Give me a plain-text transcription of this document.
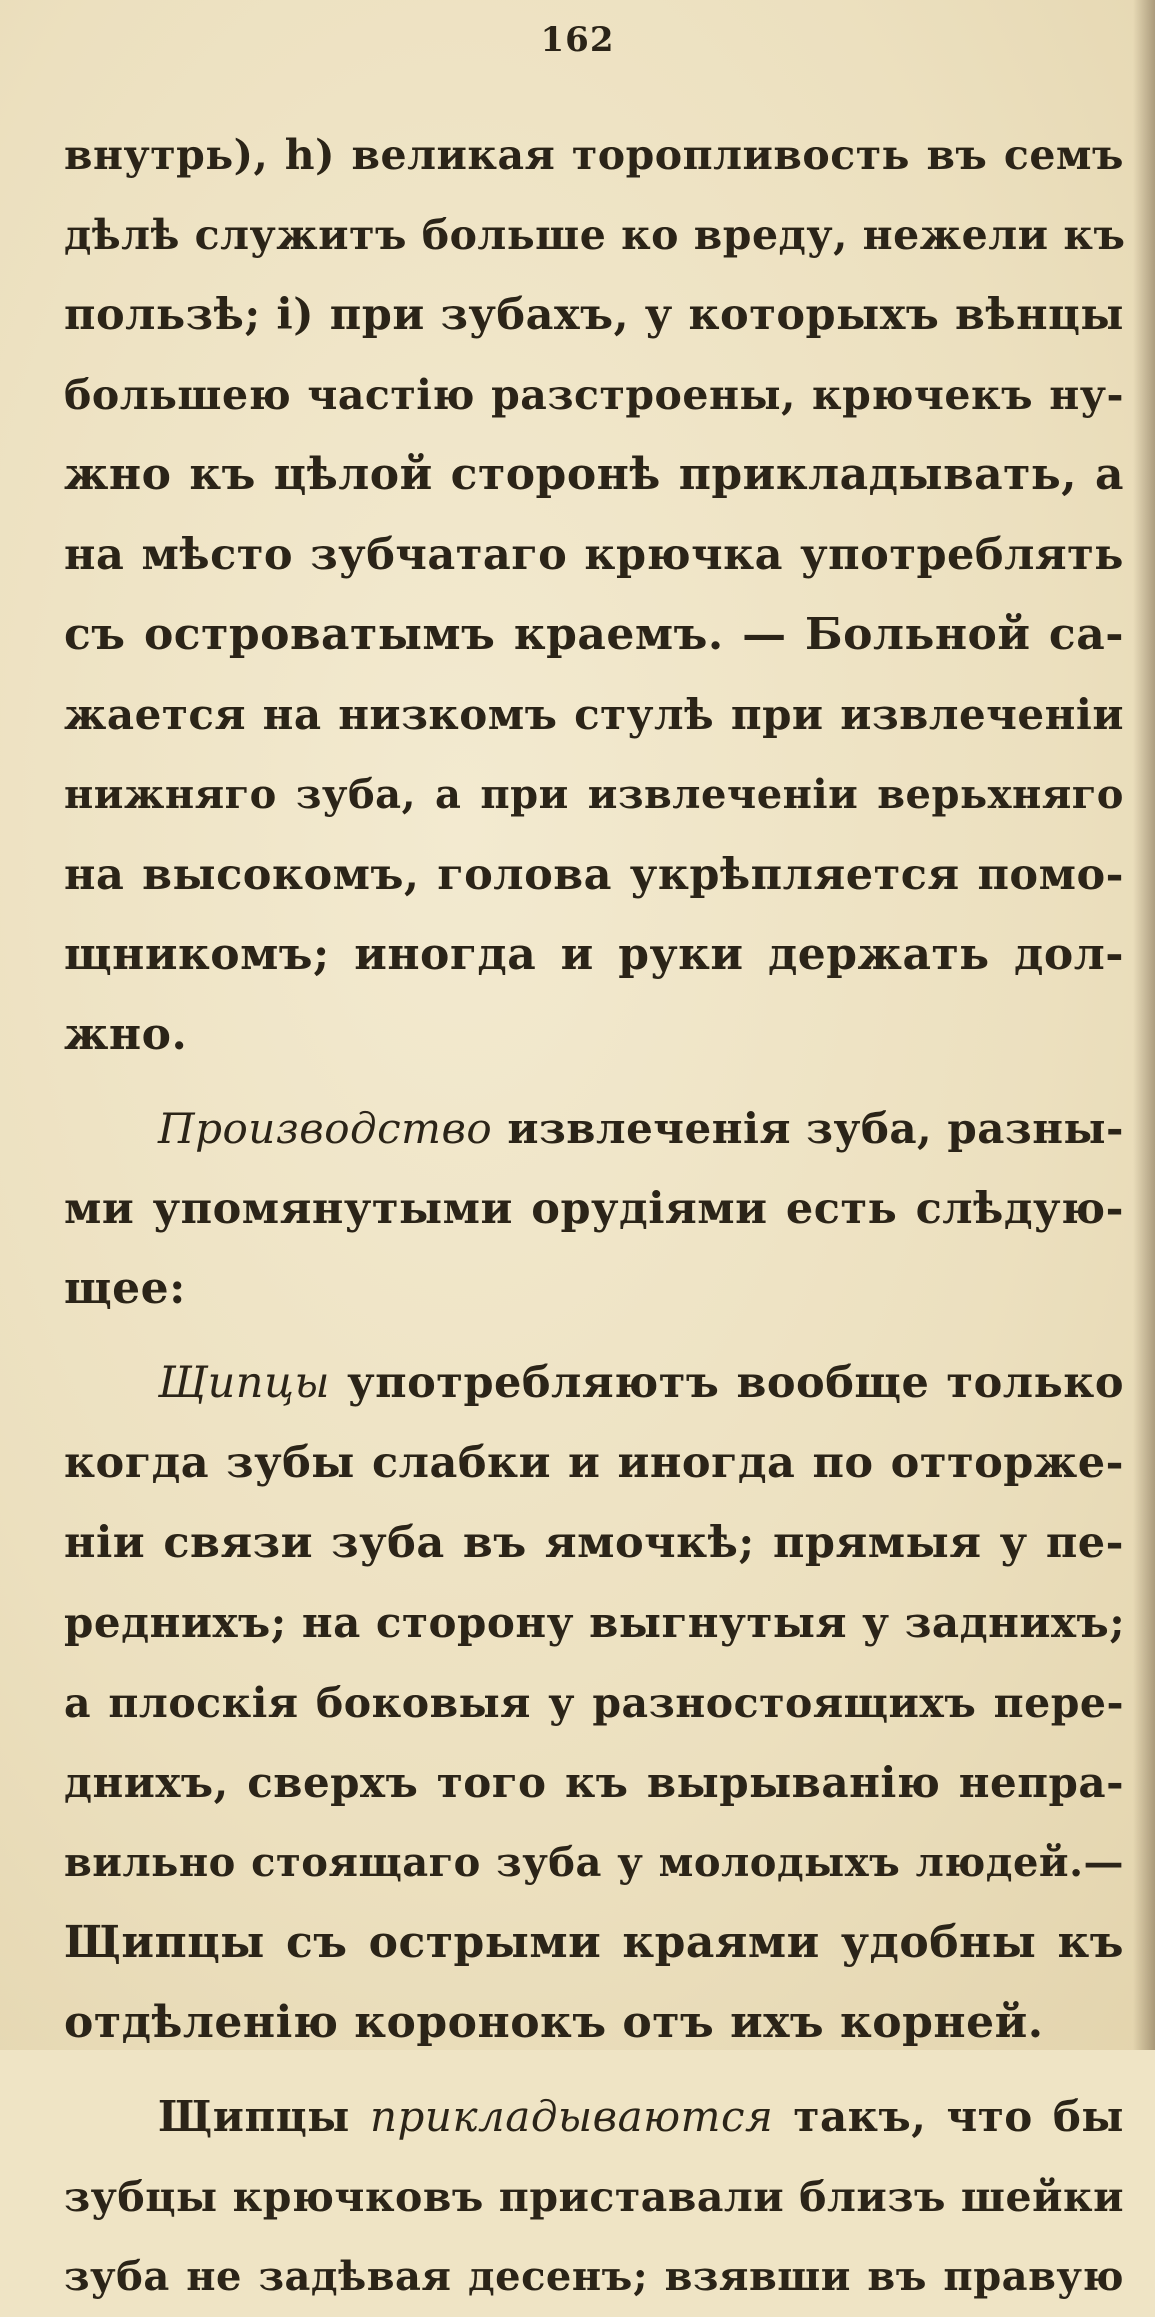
162
внутрь), h) великая торопливость въ семъ
дѣлѣ служитъ больше ко вреду, нежели къ
пользѣ; i) при зубахъ, у которыхъ вѣнцы
большею частію разстроены, крючекъ ну-
жно къ цѣлой сторонѣ прикладывать, а
на мѣсто зубчатаго крючка употреблять
съ островатымъ краемъ. — Больной са-
жается на низкомъ стулѣ при извлеченіи
нижняго зуба, а при извлеченіи верьхняго
на высокомъ, голова укрѣпляется помо-
щникомъ; иногда и руки держать дол-
жно.
Производство извлеченія зуба, разны-
ми упомянутыми орудіями есть слѣдую-
щее:
Щипцы употребляютъ вообще только
когда зубы слабки и иногда по отторже-
ніи связи зуба въ ямочкѣ; прямыя у пе-
реднихъ; на сторону выгнутыя у заднихъ;
а плоскія боковыя у разностоящихъ пере-
днихъ, сверхъ того къ вырыванію непра-
вильно стоящаго зуба у молодыхъ людей.—
Щипцы съ острыми краями удобны къ
отдѣленію коронокъ отъ ихъ корней.
Щипцы прикладываются такъ, что бы
зубцы крючковъ приставали близъ шейки
зуба не задѣвая десенъ; взявши въ правую
